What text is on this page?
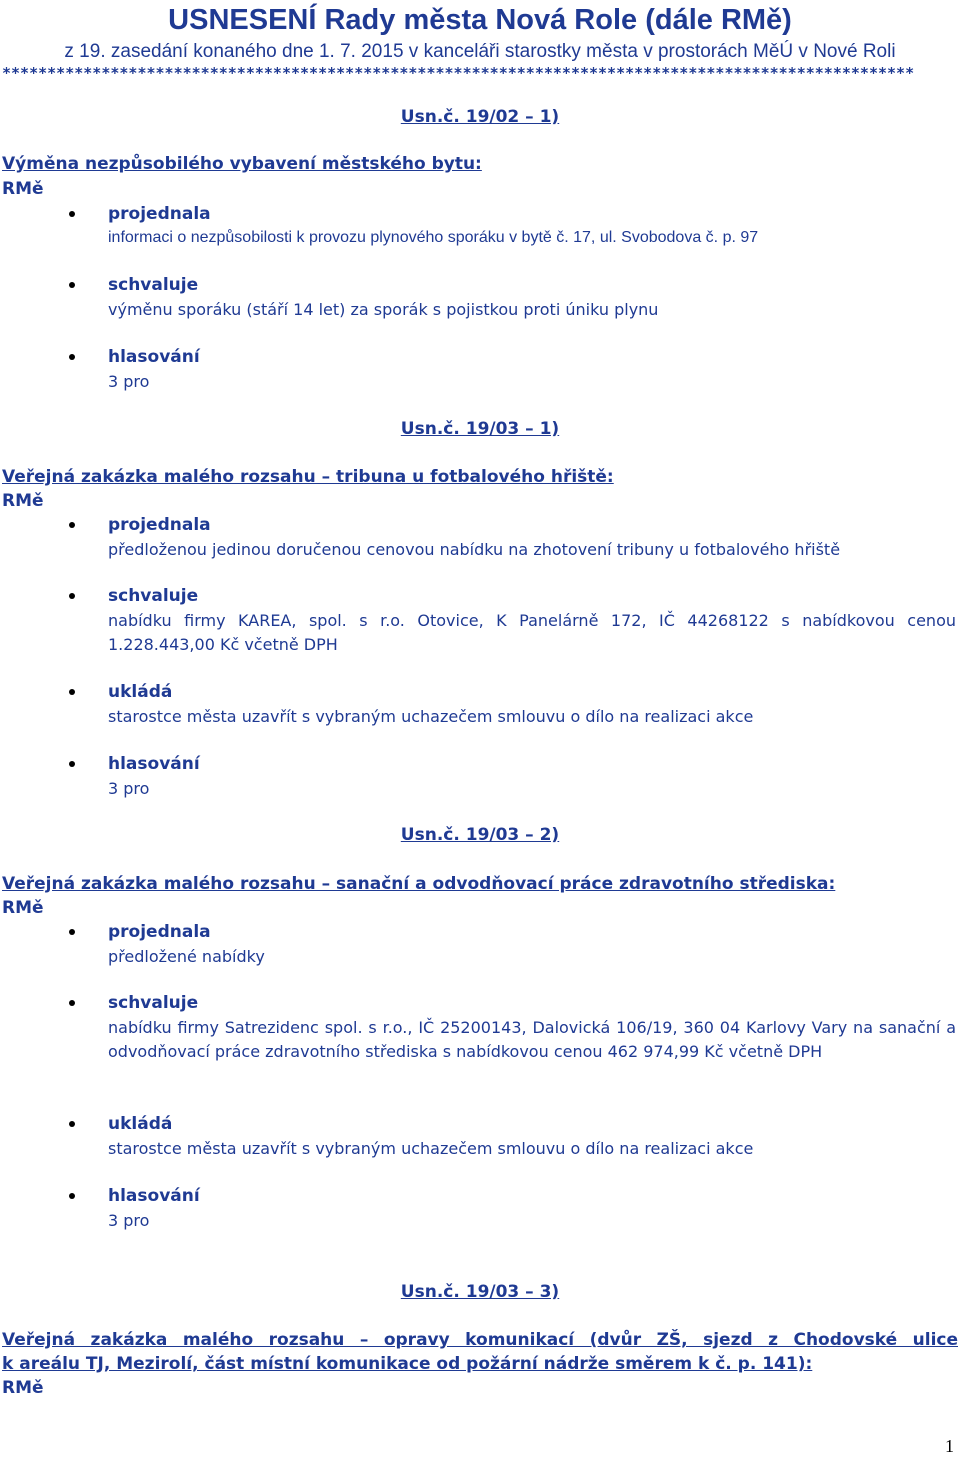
USNESENÍ Rady města Nová Role (dále RMě)
z 19. zasedání konaného dne 1. 7. 2015 v kanceláři starostky města v prostorách MěÚ v Nové Roli
*****************************************************************************************************
Usn.č. 19/02 – 1)
Výměna nezpůsobilého vybavení městského bytu:
RMě
projednala
informaci o nezpůsobilosti k provozu plynového sporáku v bytě č. 17, ul. Svobodova č. p. 97
schvaluje
výměnu sporáku (stáří 14 let) za sporák s pojistkou proti úniku plynu
hlasování
3 pro
Usn.č. 19/03 – 1)
Veřejná zakázka malého rozsahu – tribuna u fotbalového hřiště:
RMě
projednala
předloženou jedinou doručenou cenovou nabídku na zhotovení tribuny u fotbalového hřiště
schvaluje
nabídku firmy KAREA, spol. s r.o. Otovice, K Panelárně 172, IČ 44268122 s nabídkovou cenou 1.228.443,00 Kč včetně DPH
ukládá
starostce města uzavřít s vybraným uchazečem smlouvu o dílo na realizaci akce
hlasování
3 pro
Usn.č. 19/03 – 2)
Veřejná zakázka malého rozsahu – sanační a odvodňovací práce zdravotního střediska:
RMě
projednala
předložené nabídky
schvaluje
nabídku firmy Satrezidenc spol. s r.o., IČ 25200143, Dalovická 106/19, 360 04 Karlovy Vary na sanační a odvodňovací práce zdravotního střediska s nabídkovou cenou 462 974,99 Kč včetně DPH
ukládá
starostce města uzavřít s vybraným uchazečem smlouvu o dílo na realizaci akce
hlasování
3 pro
Usn.č. 19/03 – 3)
Veřejná zakázka malého rozsahu – opravy komunikací (dvůr ZŠ, sjezd z Chodovské ulice
k areálu TJ, Mezirolí, část místní komunikace od požární nádrže směrem k č. p. 141):
RMě
1
